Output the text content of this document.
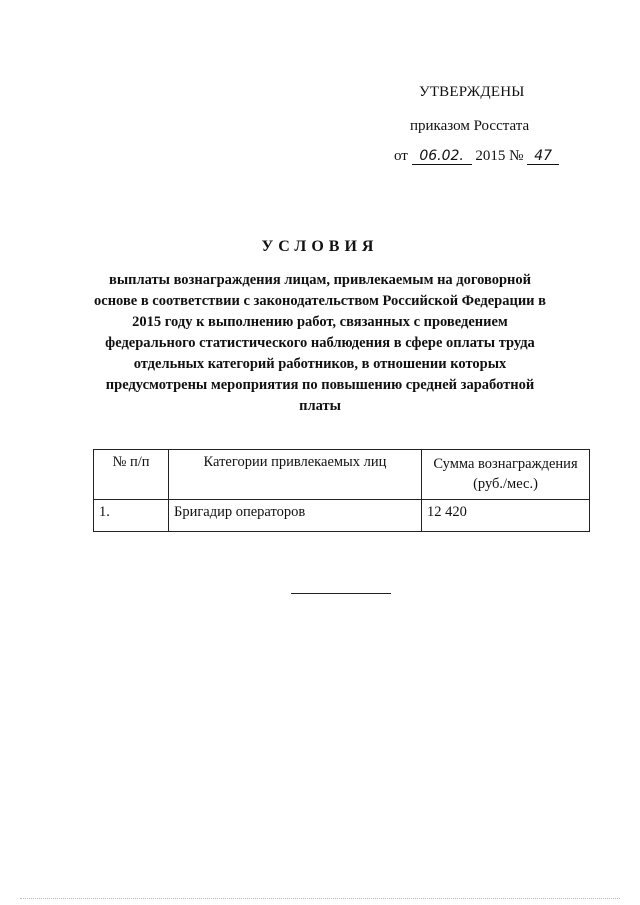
УТВЕРЖДЕНЫ
приказом Росстата
от 06.02. 2015 № 47
УСЛОВИЯ
выплаты вознаграждения лицам, привлекаемым на договорной
основе в соответствии с законодательством Российской Федерации в
2015 году к выполнению работ, связанных с проведением
федерального статистического наблюдения в сфере оплаты труда
отдельных категорий работников, в отношении которых
предусмотрены мероприятия по повышению средней заработной
платы
№ п/п	Категории привлекаемых лиц	Сумма вознаграждения (руб./мес.)
1.	Бригадир операторов	12 420
